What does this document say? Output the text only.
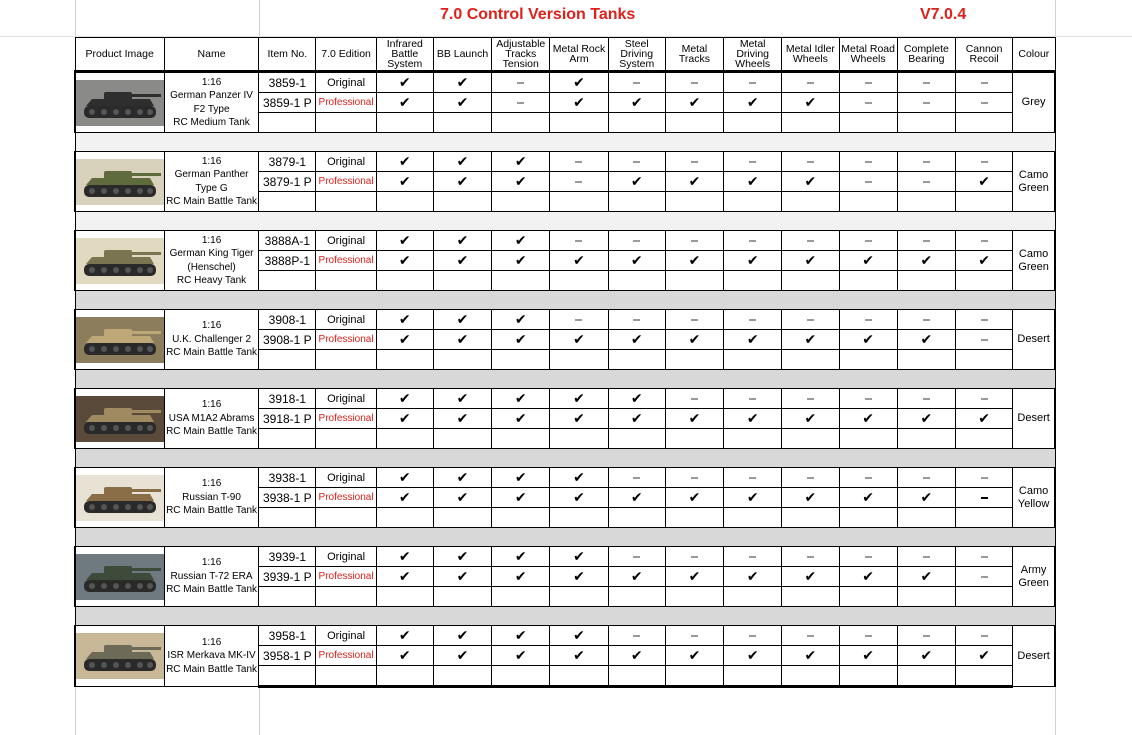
7.0 Control Version Tanks	V7.0.4
Product Image	Name	Item No.	7.0 Edition	Infrared Battle System	BB Launch	Adjustable Tracks Tension	Metal Rock Arm	Steel Driving System	Metal Tracks	Metal Driving Wheels	Metal Idler Wheels	Metal Road Wheels	Complete Bearing	Cannon Recoil	Colour

1:16
German Panzer IV
F2 Type
RC Medium Tank	3859-1	Original	✔	✔		✔								Grey
		3859-1 P	Professional	✔	✔		✔	✔	✔	✔	✔				

1:16
German Panther
Type G
RC Main Battle Tank	3879-1	Original	✔	✔	✔									Camo Green
		3879-1 P	Professional	✔	✔	✔		✔	✔	✔	✔			✔	

1:16
German King Tiger
(Henschel)
RC Heavy Tank	3888A-1	Original	✔	✔	✔									Camo Green
		3888P-1	Professional	✔	✔	✔	✔	✔	✔	✔	✔	✔	✔	✔	

1:16
U.K. Challenger 2
RC Main Battle Tank	3908-1	Original	✔	✔	✔									Desert
		3908-1 P	Professional	✔	✔	✔	✔	✔	✔	✔	✔	✔	✔		

1:16
USA M1A2 Abrams
RC Main Battle Tank	3918-1	Original	✔	✔	✔	✔	✔							Desert
		3918-1 P	Professional	✔	✔	✔	✔	✔	✔	✔	✔	✔	✔	✔	

1:16
Russian T-90
RC Main Battle Tank	3938-1	Original	✔	✔	✔	✔								Camo Yellow
		3938-1 P	Professional	✔	✔	✔	✔	✔	✔	✔	✔	✔	✔		

1:16
Russian T-72 ERA
RC Main Battle Tank	3939-1	Original	✔	✔	✔	✔								Army Green
		3939-1 P	Professional	✔	✔	✔	✔	✔	✔	✔	✔	✔	✔		

1:16
ISR Merkava MK-IV
RC Main Battle Tank	3958-1	Original	✔	✔	✔	✔								Desert
		3958-1 P	Professional	✔	✔	✔	✔	✔	✔	✔	✔	✔	✔	✔	
